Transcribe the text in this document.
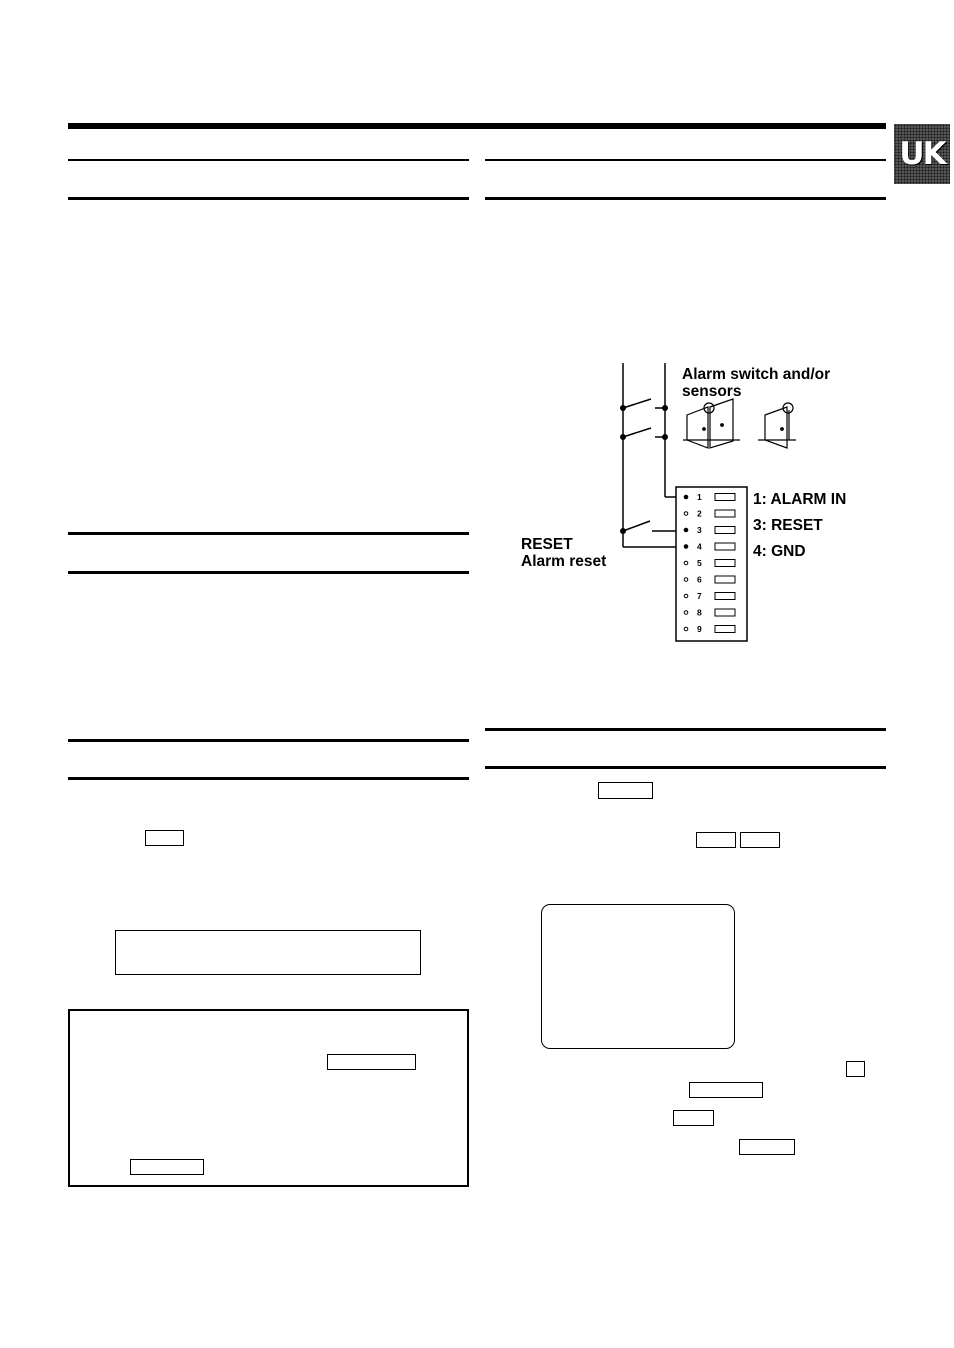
UK
Alarm switch and/or
sensors
RESET
Alarm reset
1: ALARM IN
3: RESET
4: GND
1
2
3
4
5
6
7
8
9
